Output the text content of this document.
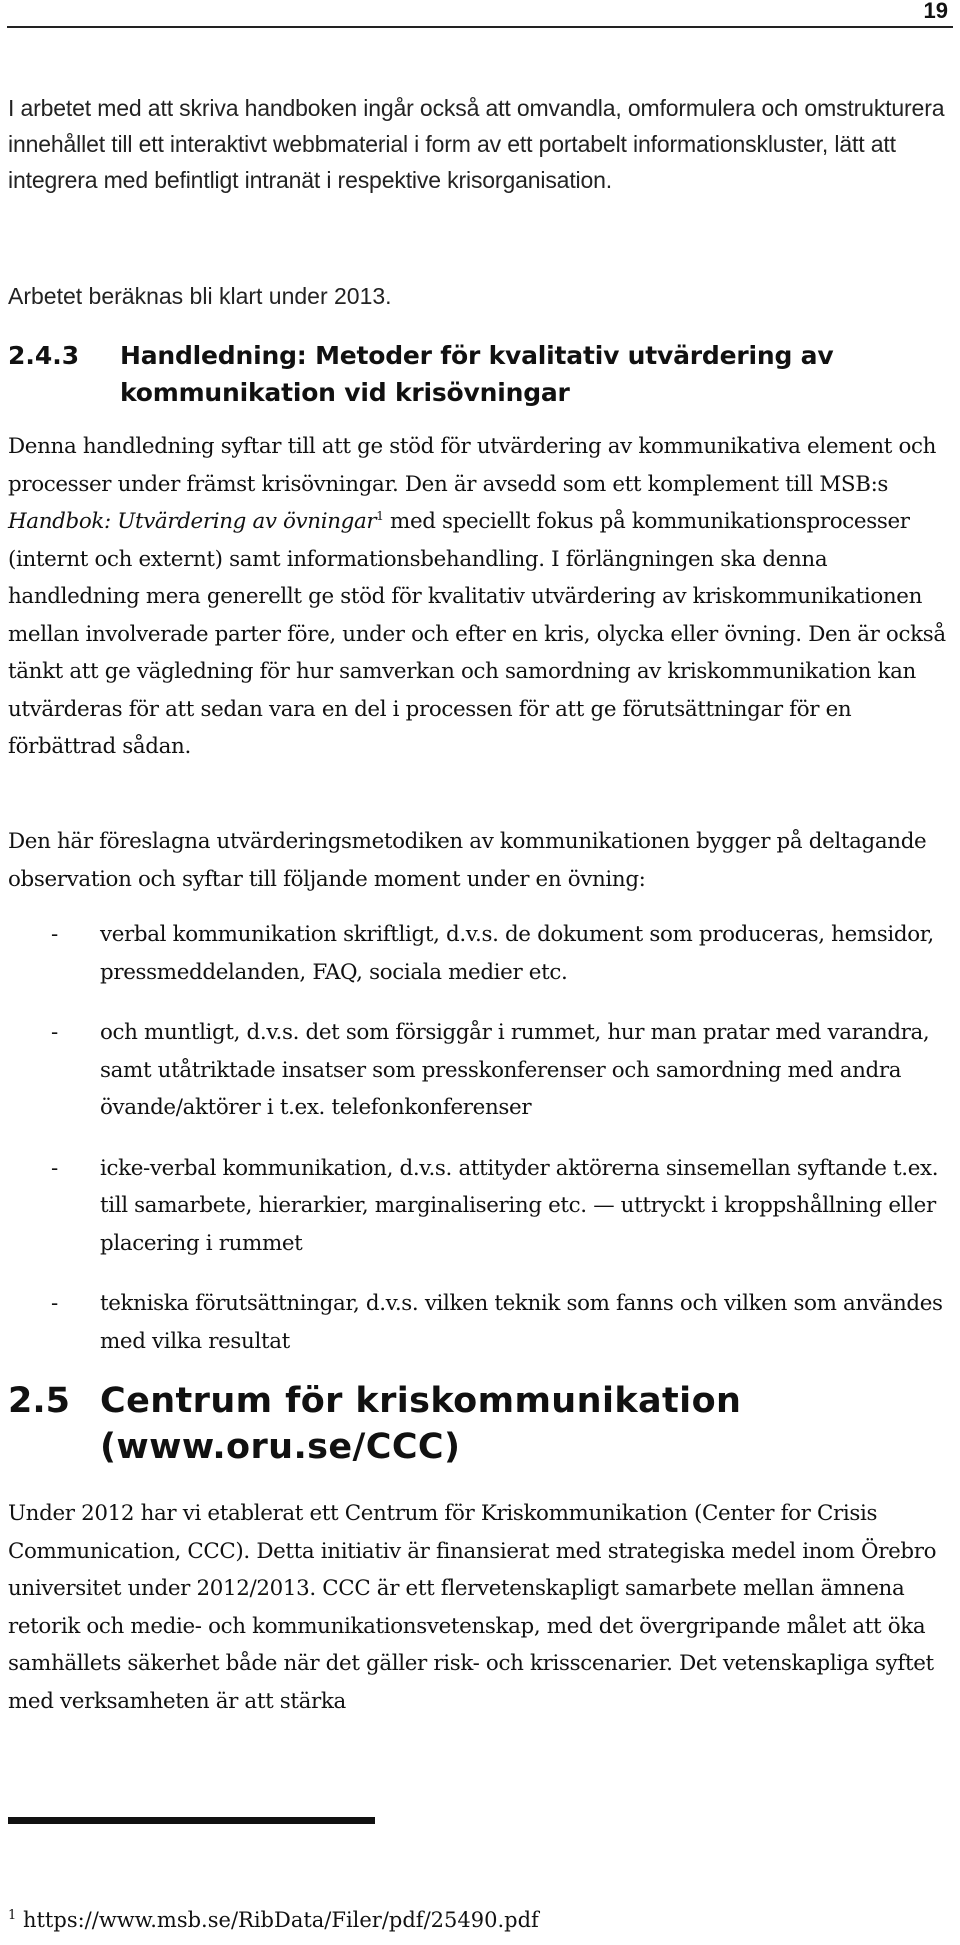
19

I arbetet med att skriva handboken ingår också att omvandla, omformulera och omstrukturera innehållet till ett interaktivt webbmaterial i form av ett portabelt informationskluster, lätt att integrera med befintligt intranät i respektive krisorganisation.

Arbetet beräknas bli klart under 2013.

2.4.3 Handledning: Metoder för kvalitativ utvärdering av kommunikation vid krisövningar

Denna handledning syftar till att ge stöd för utvärdering av kommunikativa element och processer under främst krisövningar. Den är avsedd som ett komplement till MSB:s Handbok: Utvärdering av övningar$^1$ med speciellt fokus på kommunikationsprocesser (internt och externt) samt informationsbehandling. I förlängningen ska denna handledning mera generellt ge stöd för kvalitativ utvärdering av kriskommunikationen mellan involverade parter före, under och efter en kris, olycka eller övning. Den är också tänkt att ge vägledning för hur samverkan och samordning av kriskommunikation kan utvärderas för att sedan vara en del i processen för att ge förutsättningar för en förbättrad sådan.

Den här föreslagna utvärderingsmetodiken av kommunikationen bygger på deltagande observation och syftar till följande moment under en övning:

- verbal kommunikation skriftligt, d.v.s. de dokument som produceras, hemsidor, pressmeddelanden, FAQ, sociala medier etc.
- och muntligt, d.v.s. det som försiggår i rummet, hur man pratar med varandra, samt utåtriktade insatser som presskonferenser och samordning med andra övande/aktörer i t.ex. telefonkonferenser
- icke-verbal kommunikation, d.v.s. attityder aktörerna sinsemellan syftande t.ex. till samarbete, hierarkier, marginalisering etc. — uttryckt i kroppshållning eller placering i rummet
- tekniska förutsättningar, d.v.s. vilken teknik som fanns och vilken som användes med vilka resultat
2.5 Centrum för kriskommunikation (www.oru.se/CCC)

Under 2012 har vi etablerat ett Centrum för Kriskommunikation (Center for Crisis Communication, CCC). Detta initiativ är finansierat med strategiska medel inom Örebro universitet under 2012/2013. CCC är ett flervetenskapligt samarbete mellan ämnena retorik och medie- och kommunikationsvetenskap, med det övergripande målet att öka samhällets säkerhet både när det gäller risk- och krisscenarier. Det vetenskapliga syftet med verksamheten är att stärka

$^1$ https://www.msb.se/RibData/Filer/pdf/25490.pdf
